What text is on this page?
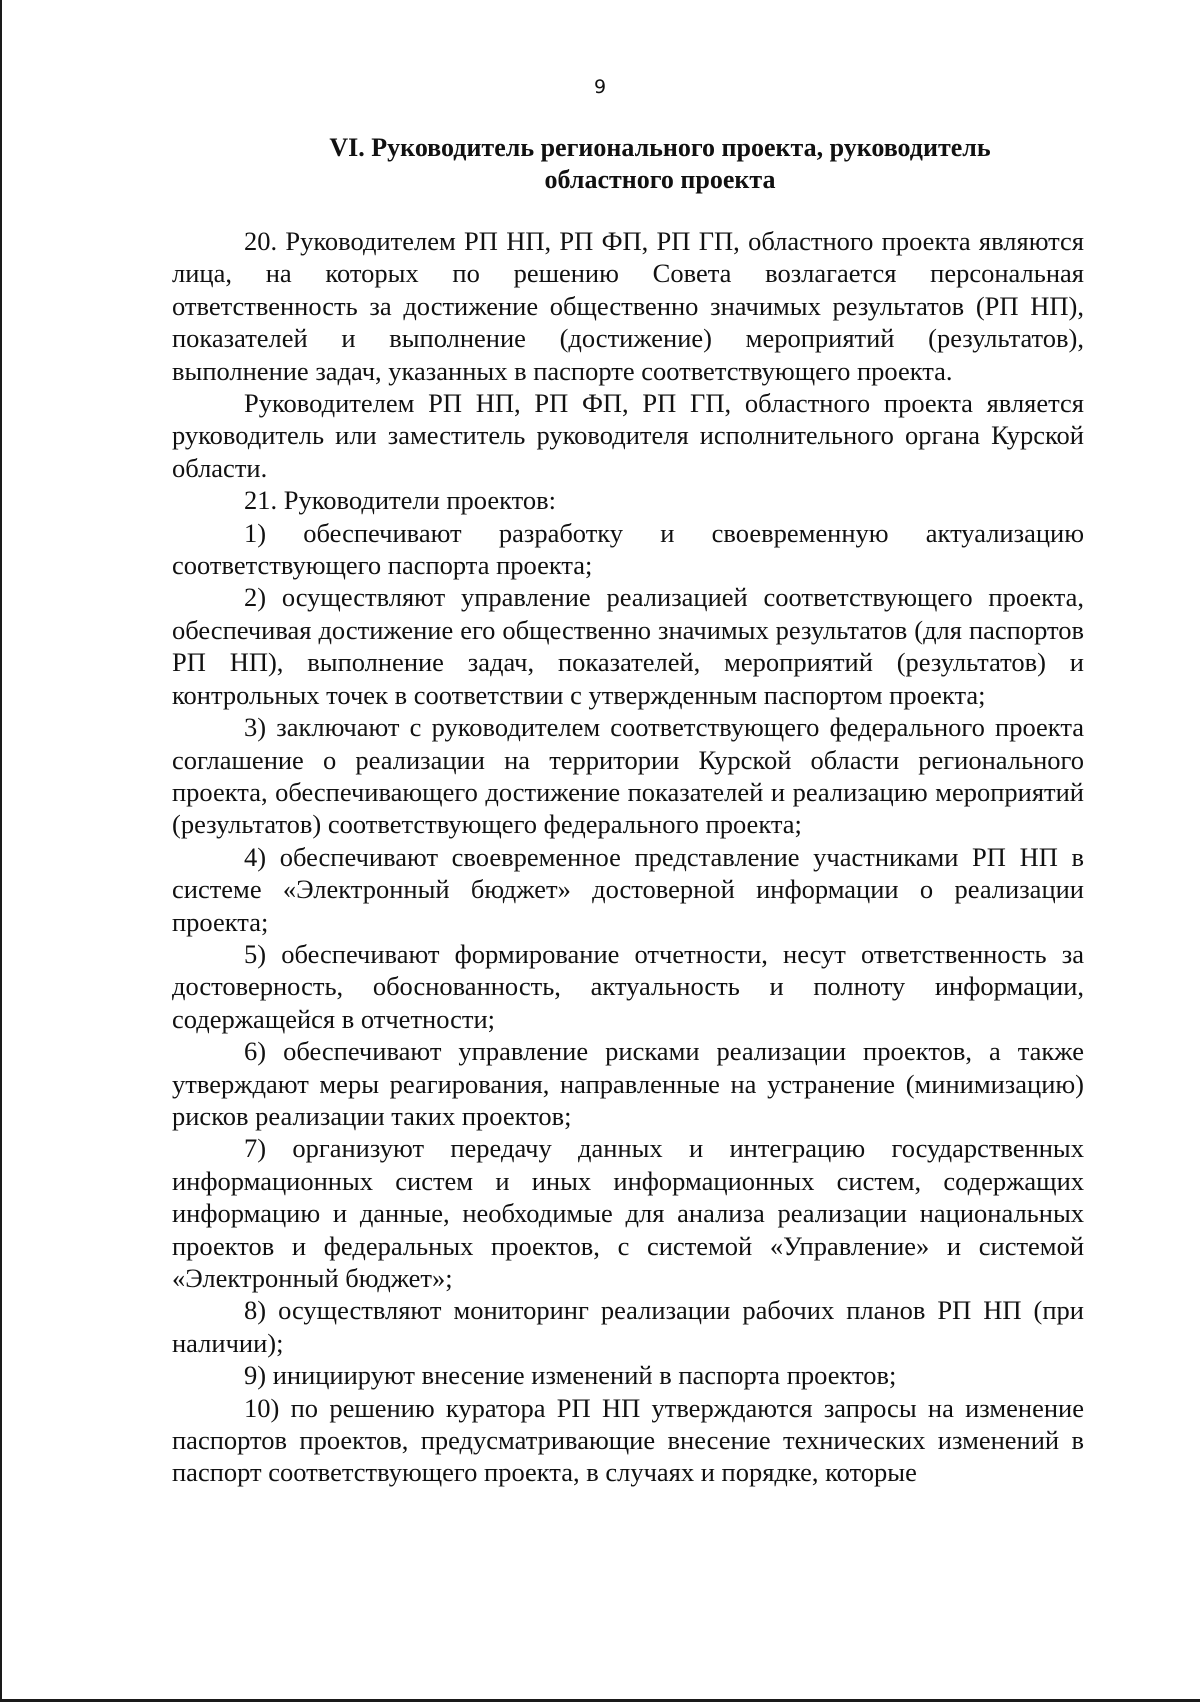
9
VI. Руководитель регионального проекта, руководитель
областного проекта

20. Руководителем РП НП, РП ФП, РП ГП, областного проекта являются лица, на которых по решению Совета возлагается персональная ответственность за достижение общественно значимых результатов (РП НП), показателей и выполнение (достижение) мероприятий (результатов), выполнение задач, указанных в паспорте соответствующего проекта.

Руководителем РП НП, РП ФП, РП ГП, областного проекта является руководитель или заместитель руководителя исполнительного органа Курской области.

21. Руководители проектов:

1) обеспечивают разработку и своевременную актуализацию соответствующего паспорта проекта;

2) осуществляют управление реализацией соответствующего проекта, обеспечивая достижение его общественно значимых результатов (для паспортов РП НП), выполнение задач, показателей, мероприятий (результатов) и контрольных точек в соответствии с утвержденным паспортом проекта;

3) заключают с руководителем соответствующего федерального проекта соглашение о реализации на территории Курской области регионального проекта, обеспечивающего достижение показателей и реализацию мероприятий (результатов) соответствующего федерального проекта;

4) обеспечивают своевременное представление участниками РП НП в системе «Электронный бюджет» достоверной информации о реализации проекта;

5) обеспечивают формирование отчетности, несут ответственность за достоверность, обоснованность, актуальность и полноту информации, содержащейся в отчетности;

6) обеспечивают управление рисками реализации проектов, а также утверждают меры реагирования, направленные на устранение (минимизацию) рисков реализации таких проектов;

7) организуют передачу данных и интеграцию государственных информационных систем и иных информационных систем, содержащих информацию и данные, необходимые для анализа реализации национальных проектов и федеральных проектов, с системой «Управление» и системой «Электронный бюджет»;

8) осуществляют мониторинг реализации рабочих планов РП НП (при наличии);

9) инициируют внесение изменений в паспорта проектов;

10) по решению куратора РП НП утверждаются запросы на изменение паспортов проектов, предусматривающие внесение технических изменений в паспорт соответствующего проекта, в случаях и порядке, которые
